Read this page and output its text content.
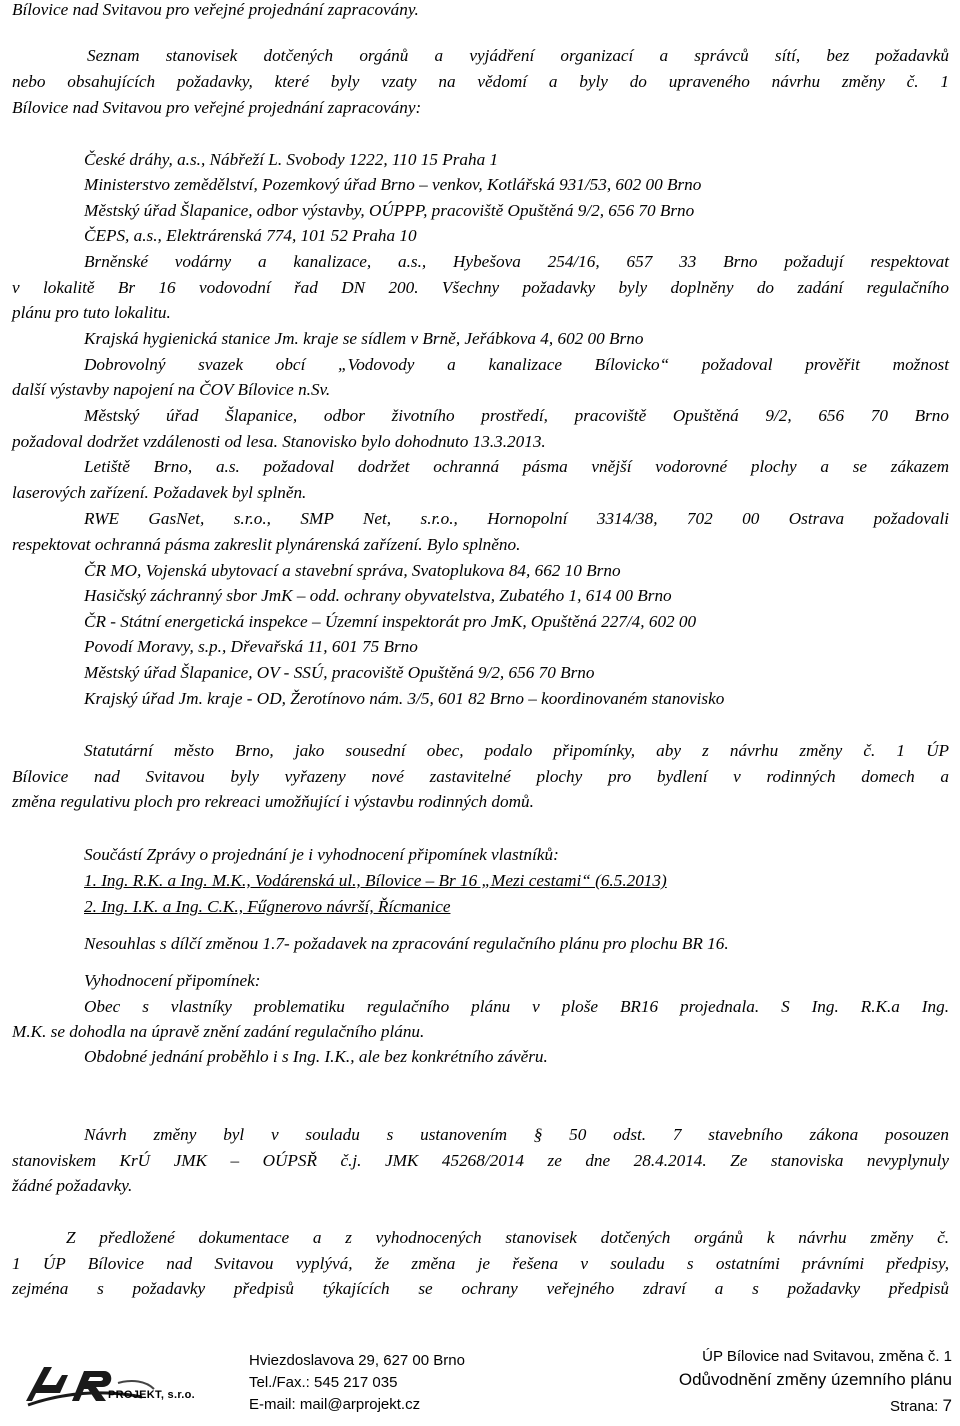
Bílovice nad Svitavou pro veřejné projednání zapracovány.
Seznam stanovisek dotčených orgánů a vyjádření organizací a správců sítí, bez požadavků
nebo obsahujících požadavky, které byly vzaty na vědomí a byly do upraveného návrhu změny č. 1
Bílovice nad Svitavou pro veřejné projednání zapracovány:
České dráhy, a.s., Nábřeží L. Svobody 1222, 110 15 Praha 1
Ministerstvo zemědělství, Pozemkový úřad Brno – venkov, Kotlářská 931/53, 602 00 Brno
Městský úřad Šlapanice, odbor výstavby, OÚPPP, pracoviště Opuštěná 9/2, 656 70 Brno
ČEPS, a.s., Elektrárenská 774, 101 52 Praha 10
Brněnské vodárny a kanalizace, a.s., Hybešova 254/16, 657 33 Brno požadují respektovat
v lokalitě Br 16 vodovodní řad DN 200. Všechny požadavky byly doplněny do zadání regulačního
plánu pro tuto lokalitu.
Krajská hygienická stanice Jm. kraje se sídlem v Brně, Jeřábkova 4, 602 00 Brno
Dobrovolný svazek obcí „Vodovody a kanalizace Bílovicko“ požadoval prověřit možnost
další výstavby napojení na ČOV Bílovice n.Sv.
Městský úřad Šlapanice, odbor životního prostředí, pracoviště Opuštěná 9/2, 656 70 Brno
požadoval dodržet vzdálenosti od lesa. Stanovisko bylo dohodnuto 13.3.2013.
Letiště Brno, a.s. požadoval dodržet ochranná pásma vnější vodorovné plochy a se zákazem
laserových zařízení. Požadavek byl splněn.
RWE GasNet, s.r.o., SMP Net, s.r.o., Hornopolní 3314/38, 702 00 Ostrava požadovali
respektovat ochranná pásma zakreslit plynárenská zařízení. Bylo splněno.
ČR MO, Vojenská ubytovací a stavební správa, Svatoplukova 84, 662 10 Brno
Hasičský záchranný sbor JmK – odd. ochrany obyvatelstva, Zubatého 1, 614 00 Brno
ČR - Státní energetická inspekce – Územní inspektorát pro JmK, Opuštěná 227/4, 602 00
Povodí Moravy, s.p., Dřevařská 11, 601 75 Brno
Městský úřad Šlapanice, OV - SSÚ, pracoviště Opuštěná 9/2, 656 70 Brno
Krajský úřad Jm. kraje - OD, Žerotínovo nám. 3/5, 601 82 Brno – koordinovaném stanovisko
Statutární město Brno, jako sousední obec, podalo připomínky, aby z návrhu změny č. 1 ÚP
Bílovice nad Svitavou byly vyřazeny nové zastavitelné plochy pro bydlení v rodinných domech a
změna regulativu ploch pro rekreaci umožňující i výstavbu rodinných domů.
Součástí Zprávy o projednání je i vyhodnocení připomínek vlastníků:
1. Ing. R.K. a Ing. M.K., Vodárenská ul., Bílovice – Br 16 „Mezi cestami“ (6.5.2013)
2. Ing. I.K. a Ing. C.K., Fűgnerovo návrší, Řícmanice
Nesouhlas s dílčí změnou 1.7- požadavek na zpracování regulačního plánu pro plochu BR 16.
Vyhodnocení připomínek:
Obec s vlastníky problematiku regulačního plánu v ploše BR16 projednala. S Ing. R.K.a Ing.
M.K. se dohodla na úpravě znění zadání regulačního plánu.
Obdobné jednání proběhlo i s Ing. I.K., ale bez konkrétního závěru.
Návrh změny byl v souladu s ustanovením § 50 odst. 7 stavebního zákona posouzen
stanoviskem KrÚ JMK – OÚPSŘ č.j. JMK 45268/2014 ze dne 28.4.2014. Ze stanoviska nevyplynuly
žádné požadavky.
Z předložené dokumentace a z vyhodnocených stanovisek dotčených orgánů k návrhu změny č.
1 ÚP Bílovice nad Svitavou vyplývá, že změna je řešena v souladu s ostatními právními předpisy,
zejména s požadavky předpisů týkajících se ochrany veřejného zdraví a s požadavky předpisů
PROJEKT, s.r.o.
Hviezdoslavova 29, 627 00 Brno
Tel./Fax.: 545 217 035
E-mail: mail@arprojekt.cz
ÚP Bílovice nad Svitavou, změna č. 1
Odůvodnění změny územního plánu
Strana: 7
